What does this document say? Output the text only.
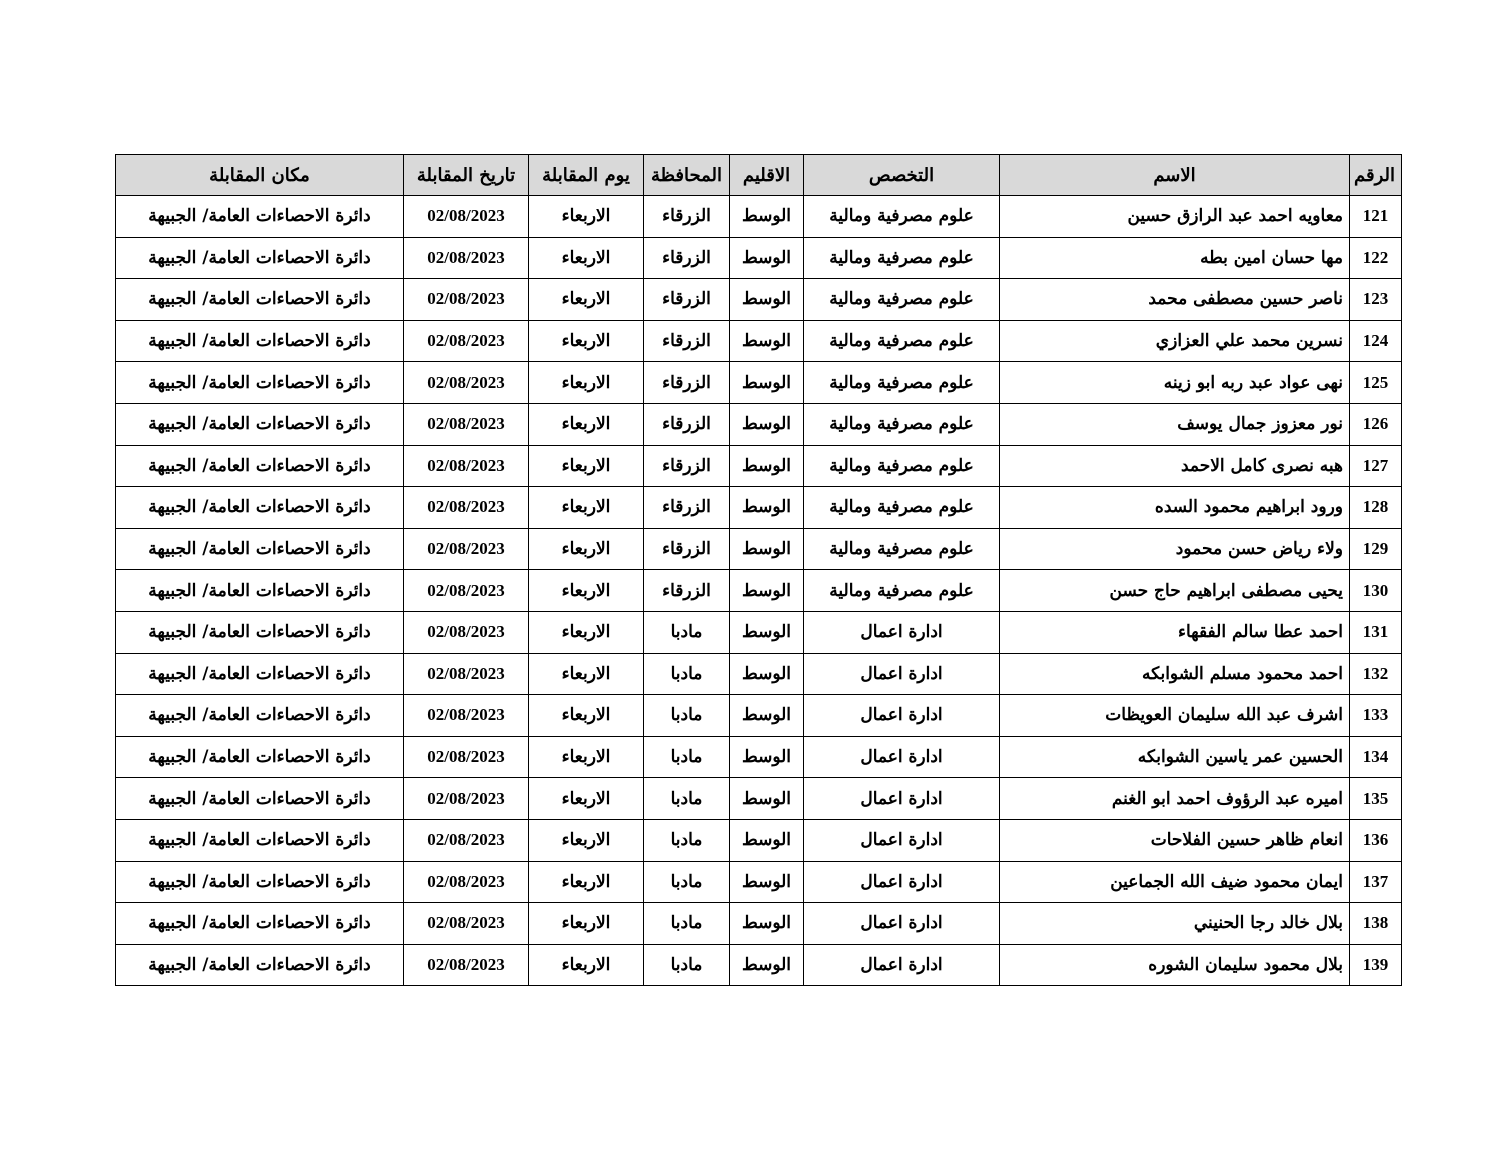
الرقم	الاسم	التخصص	الاقليم	المحافظة	يوم المقابلة	تاريخ المقابلة	مكان المقابلة
121	معاويه احمد عبد الرازق حسين	علوم مصرفية ومالية	الوسط	الزرقاء	الاربعاء	02/08/2023	دائرة الاحصاءات العامة/ الجبيهة
122	مها حسان امين بطه	علوم مصرفية ومالية	الوسط	الزرقاء	الاربعاء	02/08/2023	دائرة الاحصاءات العامة/ الجبيهة
123	ناصر حسين مصطفى محمد	علوم مصرفية ومالية	الوسط	الزرقاء	الاربعاء	02/08/2023	دائرة الاحصاءات العامة/ الجبيهة
124	نسرين محمد علي العزازي	علوم مصرفية ومالية	الوسط	الزرقاء	الاربعاء	02/08/2023	دائرة الاحصاءات العامة/ الجبيهة
125	نهى عواد عبد ربه ابو زينه	علوم مصرفية ومالية	الوسط	الزرقاء	الاربعاء	02/08/2023	دائرة الاحصاءات العامة/ الجبيهة
126	نور معزوز جمال يوسف	علوم مصرفية ومالية	الوسط	الزرقاء	الاربعاء	02/08/2023	دائرة الاحصاءات العامة/ الجبيهة
127	هبه نصرى كامل الاحمد	علوم مصرفية ومالية	الوسط	الزرقاء	الاربعاء	02/08/2023	دائرة الاحصاءات العامة/ الجبيهة
128	ورود ابراهيم محمود السده	علوم مصرفية ومالية	الوسط	الزرقاء	الاربعاء	02/08/2023	دائرة الاحصاءات العامة/ الجبيهة
129	ولاء رياض حسن محمود	علوم مصرفية ومالية	الوسط	الزرقاء	الاربعاء	02/08/2023	دائرة الاحصاءات العامة/ الجبيهة
130	يحيى مصطفى ابراهيم حاج حسن	علوم مصرفية ومالية	الوسط	الزرقاء	الاربعاء	02/08/2023	دائرة الاحصاءات العامة/ الجبيهة
131	احمد عطا سالم الفقهاء	ادارة اعمال	الوسط	مادبا	الاربعاء	02/08/2023	دائرة الاحصاءات العامة/ الجبيهة
132	احمد محمود مسلم الشوابكه	ادارة اعمال	الوسط	مادبا	الاربعاء	02/08/2023	دائرة الاحصاءات العامة/ الجبيهة
133	اشرف عبد الله سليمان العويظات	ادارة اعمال	الوسط	مادبا	الاربعاء	02/08/2023	دائرة الاحصاءات العامة/ الجبيهة
134	الحسين عمر ياسين الشوابكه	ادارة اعمال	الوسط	مادبا	الاربعاء	02/08/2023	دائرة الاحصاءات العامة/ الجبيهة
135	اميره عبد الرؤوف احمد ابو الغنم	ادارة اعمال	الوسط	مادبا	الاربعاء	02/08/2023	دائرة الاحصاءات العامة/ الجبيهة
136	انعام ظاهر حسين الفلاحات	ادارة اعمال	الوسط	مادبا	الاربعاء	02/08/2023	دائرة الاحصاءات العامة/ الجبيهة
137	ايمان محمود ضيف الله الجماعين	ادارة اعمال	الوسط	مادبا	الاربعاء	02/08/2023	دائرة الاحصاءات العامة/ الجبيهة
138	بلال خالد رجا الحنيني	ادارة اعمال	الوسط	مادبا	الاربعاء	02/08/2023	دائرة الاحصاءات العامة/ الجبيهة
139	بلال محمود سليمان الشوره	ادارة اعمال	الوسط	مادبا	الاربعاء	02/08/2023	دائرة الاحصاءات العامة/ الجبيهة
